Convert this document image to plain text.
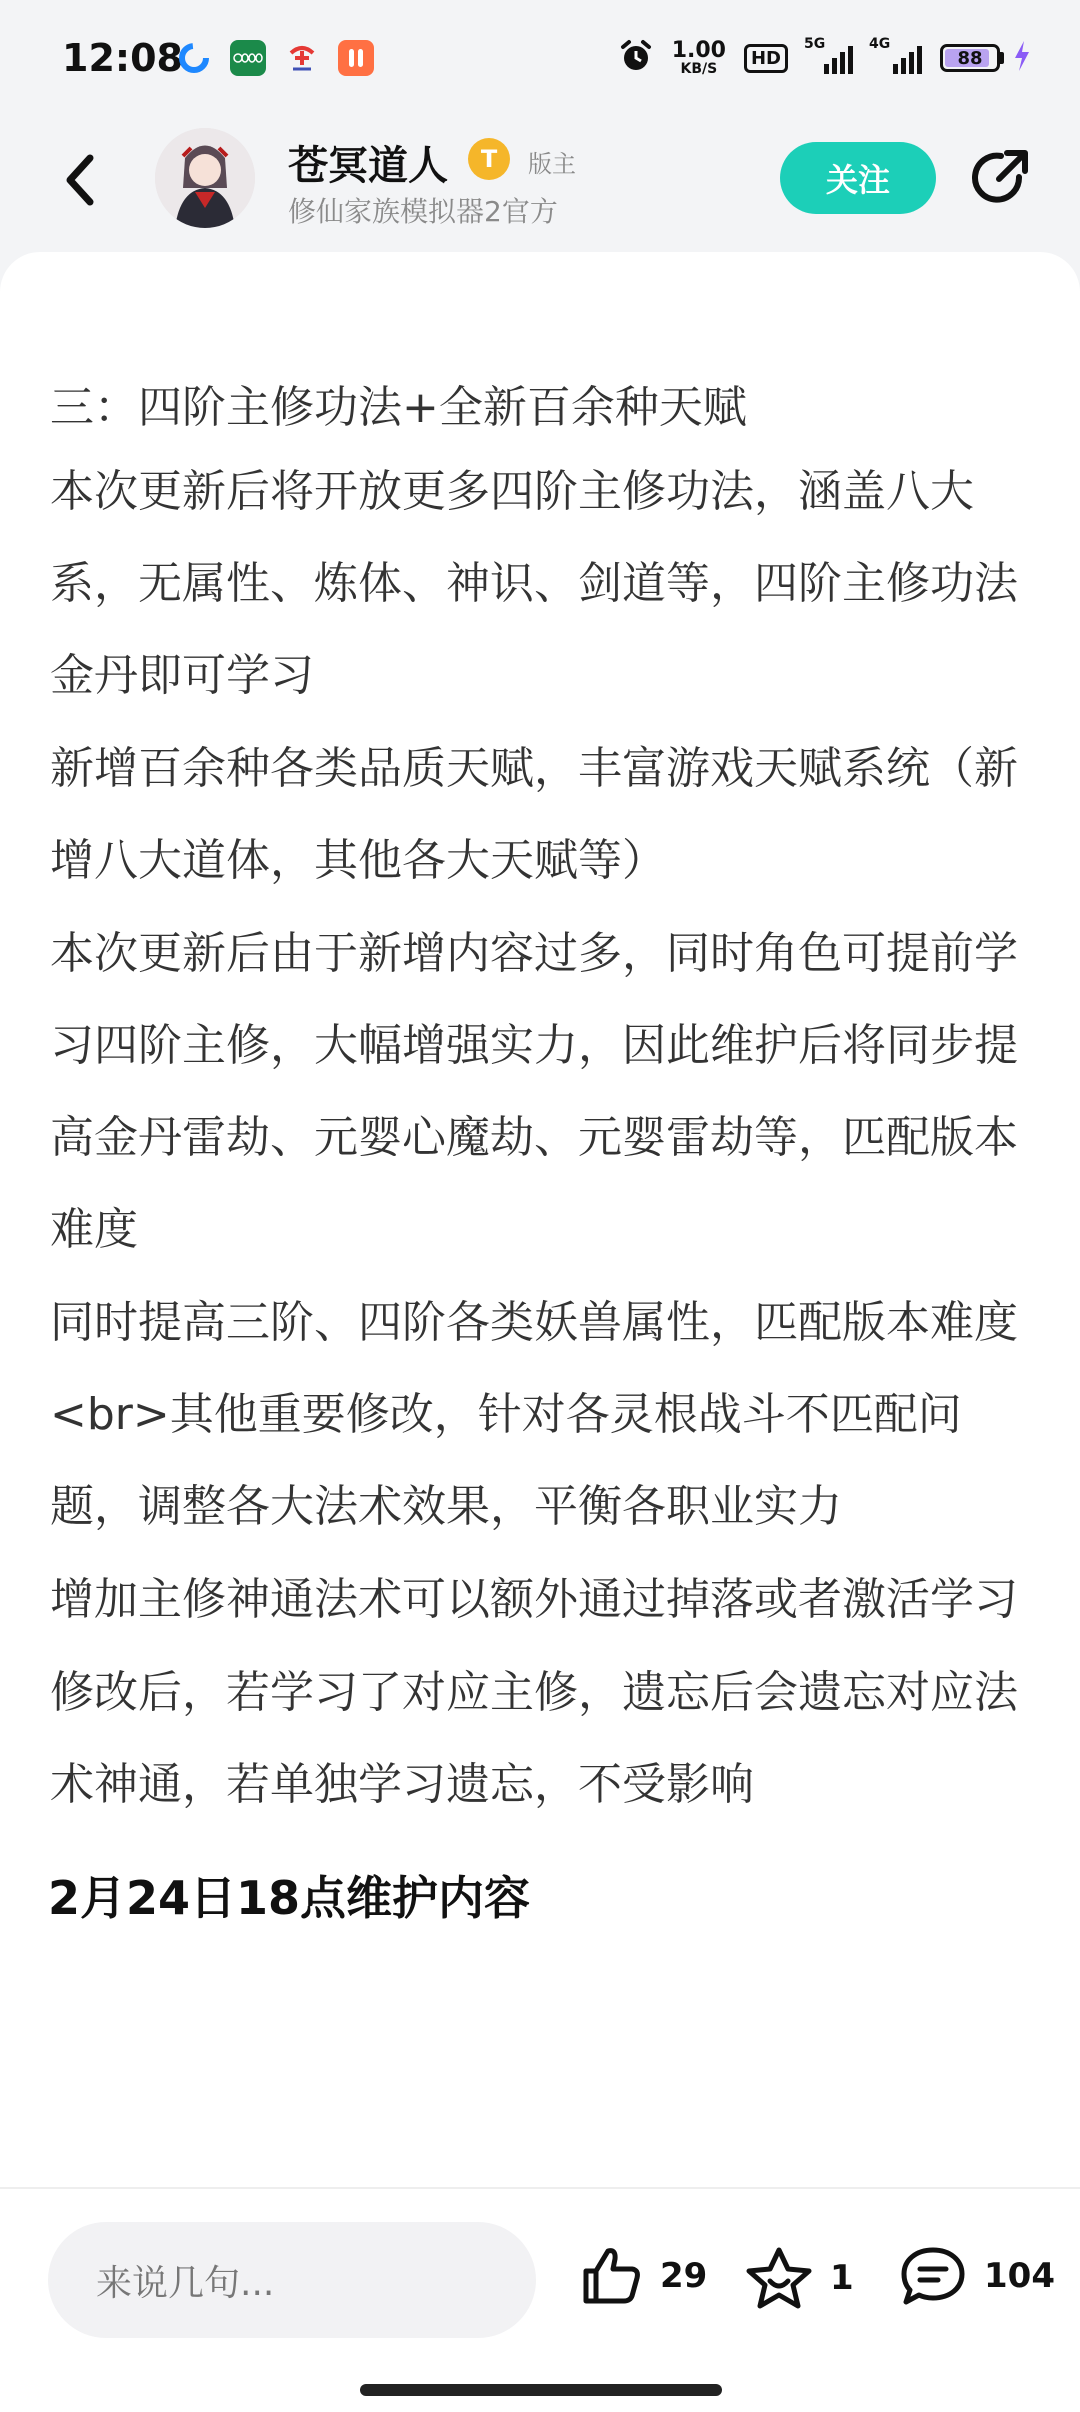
12:08	1.00
KB/S
HD
5G	4G
88
苍冥道人	T	版主
修仙家族模拟器2官方
关注
三：四阶主修功法+全新百余种天赋
本次更新后将开放更多四阶主修功法，涵盖八大系，无属性、炼体、神识、剑道等，四阶主修功法金丹即可学习
新增百余种各类品质天赋，丰富游戏天赋系统（新增八大道体，其他各大天赋等）
本次更新后由于新增内容过多，同时角色可提前学习四阶主修，大幅增强实力，因此维护后将同步提高金丹雷劫、元婴心魔劫、元婴雷劫等，匹配版本难度
同时提高三阶、四阶各类妖兽属性，匹配版本难度<br>其他重要修改，针对各灵根战斗不匹配问题，调整各大法术效果，平衡各职业实力
增加主修神通法术可以额外通过掉落或者激活学习
修改后，若学习了对应主修，遗忘后会遗忘对应法术神通，若单独学习遗忘，不受影响
2月24日18点维护内容
来说几句...	29	1	104
